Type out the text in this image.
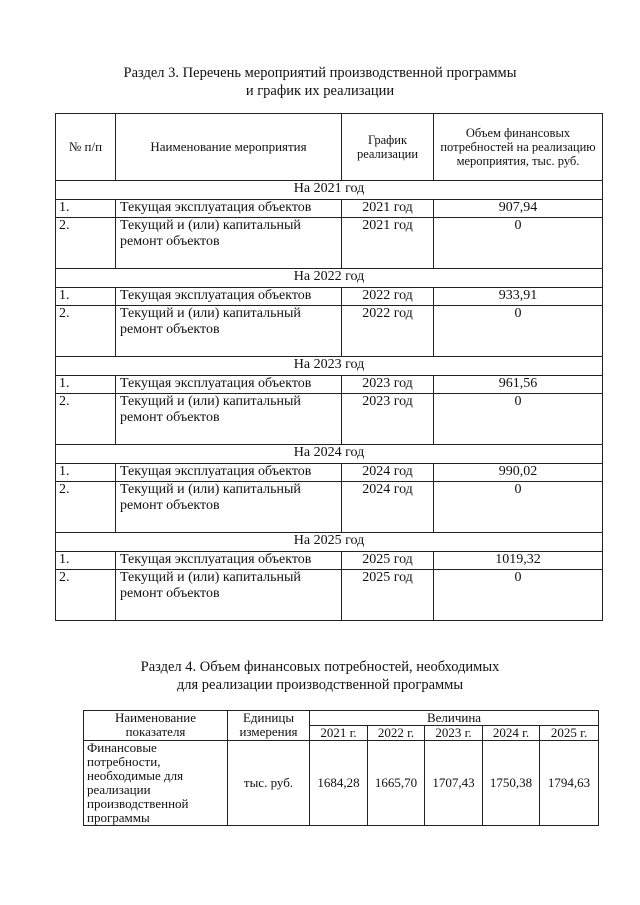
Раздел 3. Перечень мероприятий производственной программы
и график их реализации
№ п/п	Наименование мероприятия	График реализации	Объем финансовых потребностей на реализацию мероприятия, тыс. руб.
На 2021 год			
1.	Текущая эксплуатация объектов	2021 год	907,94
2.	Текущий и (или) капитальный ремонт объектов	2021 год	0
На 2022 год			
1.	Текущая эксплуатация объектов	2022 год	933,91
2.	Текущий и (или) капитальный ремонт объектов	2022 год	0
На 2023 год			
1.	Текущая эксплуатация объектов	2023 год	961,56
2.	Текущий и (или) капитальный ремонт объектов	2023 год	0
На 2024 год			
1.	Текущая эксплуатация объектов	2024 год	990,02
2.	Текущий и (или) капитальный ремонт объектов	2024 год	0
На 2025 год			
1.	Текущая эксплуатация объектов	2025 год	1019,32
2.	Текущий и (или) капитальный ремонт объектов	2025 год	0
Раздел 4. Объем финансовых потребностей, необходимых
для реализации производственной программы
Наименование показателя	Единицы измерения	Величина				
		2021 г.	2022 г.	2023 г.	2024 г.	2025 г.
Финансовые потребности, необходимые для реализации производственной программы	тыс. руб.	1684,28	1665,70	1707,43	1750,38	1794,63
